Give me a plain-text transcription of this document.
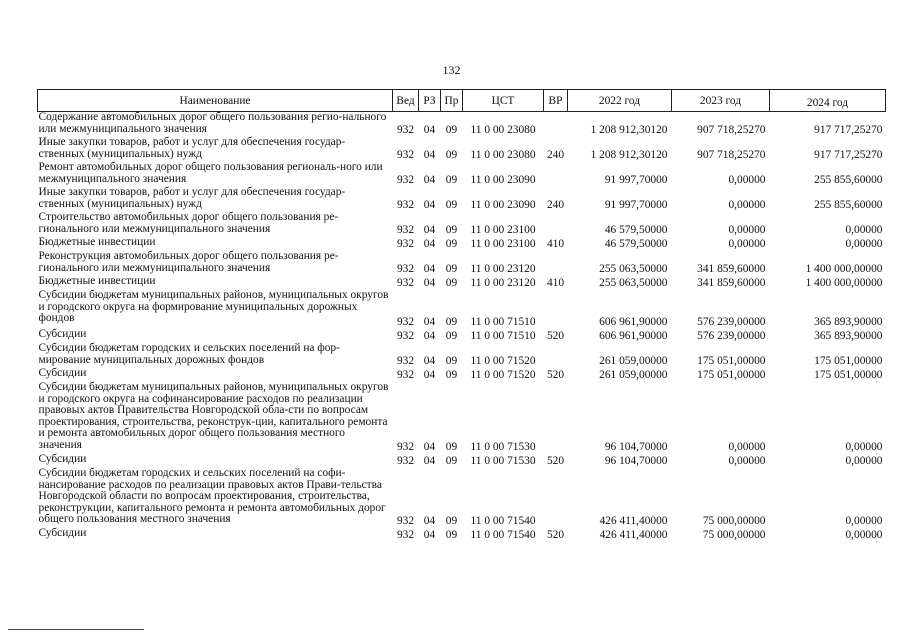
132
Наименование	Вед	РЗ	Пр	ЦСТ	ВР	2022 год	2023 год	2024 год
Содержание автомобильных дорог общего пользования регио-нального или межмуниципального значения	932	04	09	11 0 00 23080		1 208 912,30120	907 718,25270	917 717,25270
Иные закупки товаров, работ и услуг для обеспечения государ-ственных (муниципальных) нужд	932	04	09	11 0 00 23080	240	1 208 912,30120	907 718,25270	917 717,25270
Ремонт автомобильных дорог общего пользования региональ-ного или межмуниципального значения	932	04	09	11 0 00 23090		91 997,70000	0,00000	255 855,60000
Иные закупки товаров, работ и услуг для обеспечения государ-ственных (муниципальных) нужд	932	04	09	11 0 00 23090	240	91 997,70000	0,00000	255 855,60000
Строительство автомобильных дорог общего пользования ре-гионального или межмуниципального значения	932	04	09	11 0 00 23100		46 579,50000	0,00000	0,00000
Бюджетные инвестиции	932	04	09	11 0 00 23100	410	46 579,50000	0,00000	0,00000
Реконструкция автомобильных дорог общего пользования ре-гионального или межмуниципального значения	932	04	09	11 0 00 23120		255 063,50000	341 859,60000	1 400 000,00000
Бюджетные инвестиции	932	04	09	11 0 00 23120	410	255 063,50000	341 859,60000	1 400 000,00000
Субсидии бюджетам муниципальных районов, муниципальных округов и городского округа на формирование муниципальных дорожных фондов	932	04	09	11 0 00 71510		606 961,90000	576 239,00000	365 893,90000
Субсидии	932	04	09	11 0 00 71510	520	606 961,90000	576 239,00000	365 893,90000
Субсидии бюджетам городских и сельских поселений на фор-мирование муниципальных дорожных фондов	932	04	09	11 0 00 71520		261 059,00000	175 051,00000	175 051,00000
Субсидии	932	04	09	11 0 00 71520	520	261 059,00000	175 051,00000	175 051,00000
Субсидии бюджетам муниципальных районов, муниципальных округов и городского округа на софинансирование расходов по реализации правовых актов Правительства Новгородской обла-сти по вопросам проектирования, строительства, реконструк-ции, капитального ремонта и ремонта автомобильных дорог общего пользования местного значения	932	04	09	11 0 00 71530		96 104,70000	0,00000	0,00000
Субсидии	932	04	09	11 0 00 71530	520	96 104,70000	0,00000	0,00000
Субсидии бюджетам городских и сельских поселений на софи-нансирование расходов по реализации правовых актов Прави-тельства Новгородской области по вопросам проектирования, строительства, реконструкции, капитального ремонта и ремонта автомобильных дорог общего пользования местного значения	932	04	09	11 0 00 71540		426 411,40000	75 000,00000	0,00000
Субсидии	932	04	09	11 0 00 71540	520	426 411,40000	75 000,00000	0,00000
